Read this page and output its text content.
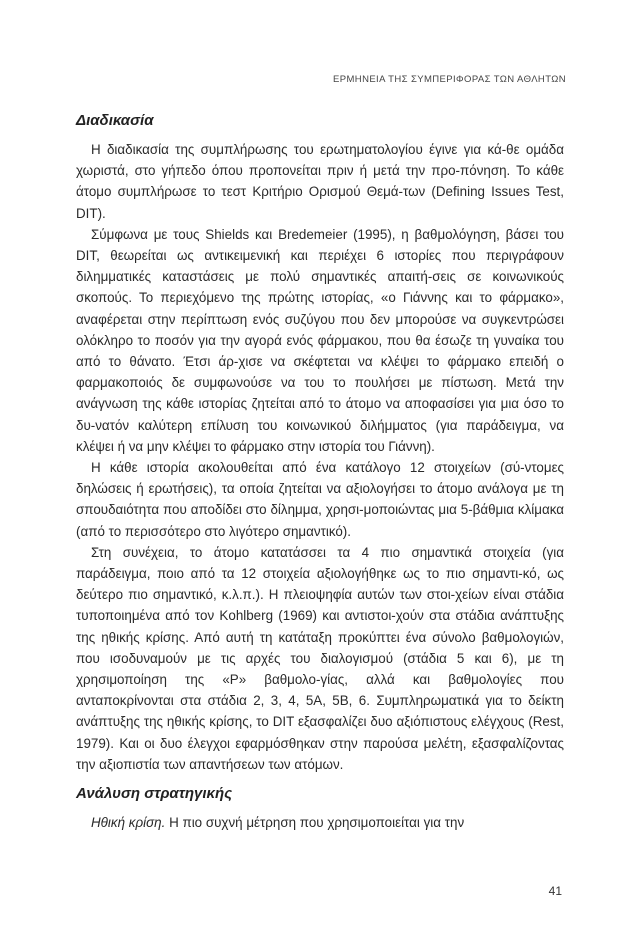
ΕΡΜΗΝΕΙΑ ΤΗΣ ΣΥΜΠΕΡΙΦΟΡΑΣ ΤΩΝ ΑΘΛΗΤΩΝ
Διαδικασία

Η διαδικασία της συμπλήρωσης του ερωτηματολογίου έγινε για κά-θε ομάδα χωριστά, στο γήπεδο όπου προπονείται πριν ή μετά την προ-πόνηση. Το κάθε άτομο συμπλήρωσε το τεστ Κριτήριο Ορισμού Θεμά-των (Defining Issues Test, DIT).

Σύμφωνα με τους Shields και Bredemeier (1995), η βαθμολόγηση, βάσει του DIT, θεωρείται ως αντικειμενική και περιέχει 6 ιστορίες που περιγράφουν διλημματικές καταστάσεις με πολύ σημαντικές απαιτή-σεις σε κοινωνικούς σκοπούς. Το περιεχόμενο της πρώτης ιστορίας, «ο Γιάννης και το φάρμακο», αναφέρεται στην περίπτωση ενός συζύγου που δεν μπορούσε να συγκεντρώσει ολόκληρο το ποσόν για την αγορά ενός φάρμακου, που θα έσωζε τη γυναίκα του από το θάνατο. Έτσι άρ-χισε να σκέφτεται να κλέψει το φάρμακο επειδή ο φαρμακοποιός δε συμφωνούσε να του το πουλήσει με πίστωση. Μετά την ανάγνωση της κάθε ιστορίας ζητείται από το άτομο να αποφασίσει για μια όσο το δυ-νατόν καλύτερη επίλυση του κοινωνικού διλήμματος (για παράδειγμα, να κλέψει ή να μην κλέψει το φάρμακο στην ιστορία του Γιάννη).

Η κάθε ιστορία ακολουθείται από ένα κατάλογο 12 στοιχείων (σύ-ντομες δηλώσεις ή ερωτήσεις), τα οποία ζητείται να αξιολογήσει το άτομο ανάλογα με τη σπουδαιότητα που αποδίδει στο δίλημμα, χρησι-μοποιώντας μια 5-βάθμια κλίμακα (από το περισσότερο στο λιγότερο σημαντικό).

Στη συνέχεια, το άτομο κατατάσσει τα 4 πιο σημαντικά στοιχεία (για παράδειγμα, ποιο από τα 12 στοιχεία αξιολογήθηκε ως το πιο σημαντι-κό, ως δεύτερο πιο σημαντικό, κ.λ.π.). Η πλειοψηφία αυτών των στοι-χείων είναι στάδια τυποποιημένα από τον Kohlberg (1969) και αντιστοι-χούν στα στάδια ανάπτυξης της ηθικής κρίσης. Από αυτή τη κατάταξη προκύπτει ένα σύνολο βαθμολογιών, που ισοδυναμούν με τις αρχές του διαλογισμού (στάδια 5 και 6), με τη χρησιμοποίηση της «Ρ» βαθμολο-γίας, αλλά και βαθμολογίες που ανταποκρίνονται στα στάδια 2, 3, 4, 5Α, 5Β, 6. Συμπληρωματικά για το δείκτη ανάπτυξης της ηθικής κρίσης, το DIT εξασφαλίζει δυο αξιόπιστους ελέγχους (Rest, 1979). Και οι δυο έλεγχοι εφαρμόσθηκαν στην παρούσα μελέτη, εξασφαλίζοντας την αξιοπιστία των απαντήσεων των ατόμων.

Ανάλυση στρατηγικής

Ηθική κρίση. Η πιο συχνή μέτρηση που χρησιμοποιείται για την

41
